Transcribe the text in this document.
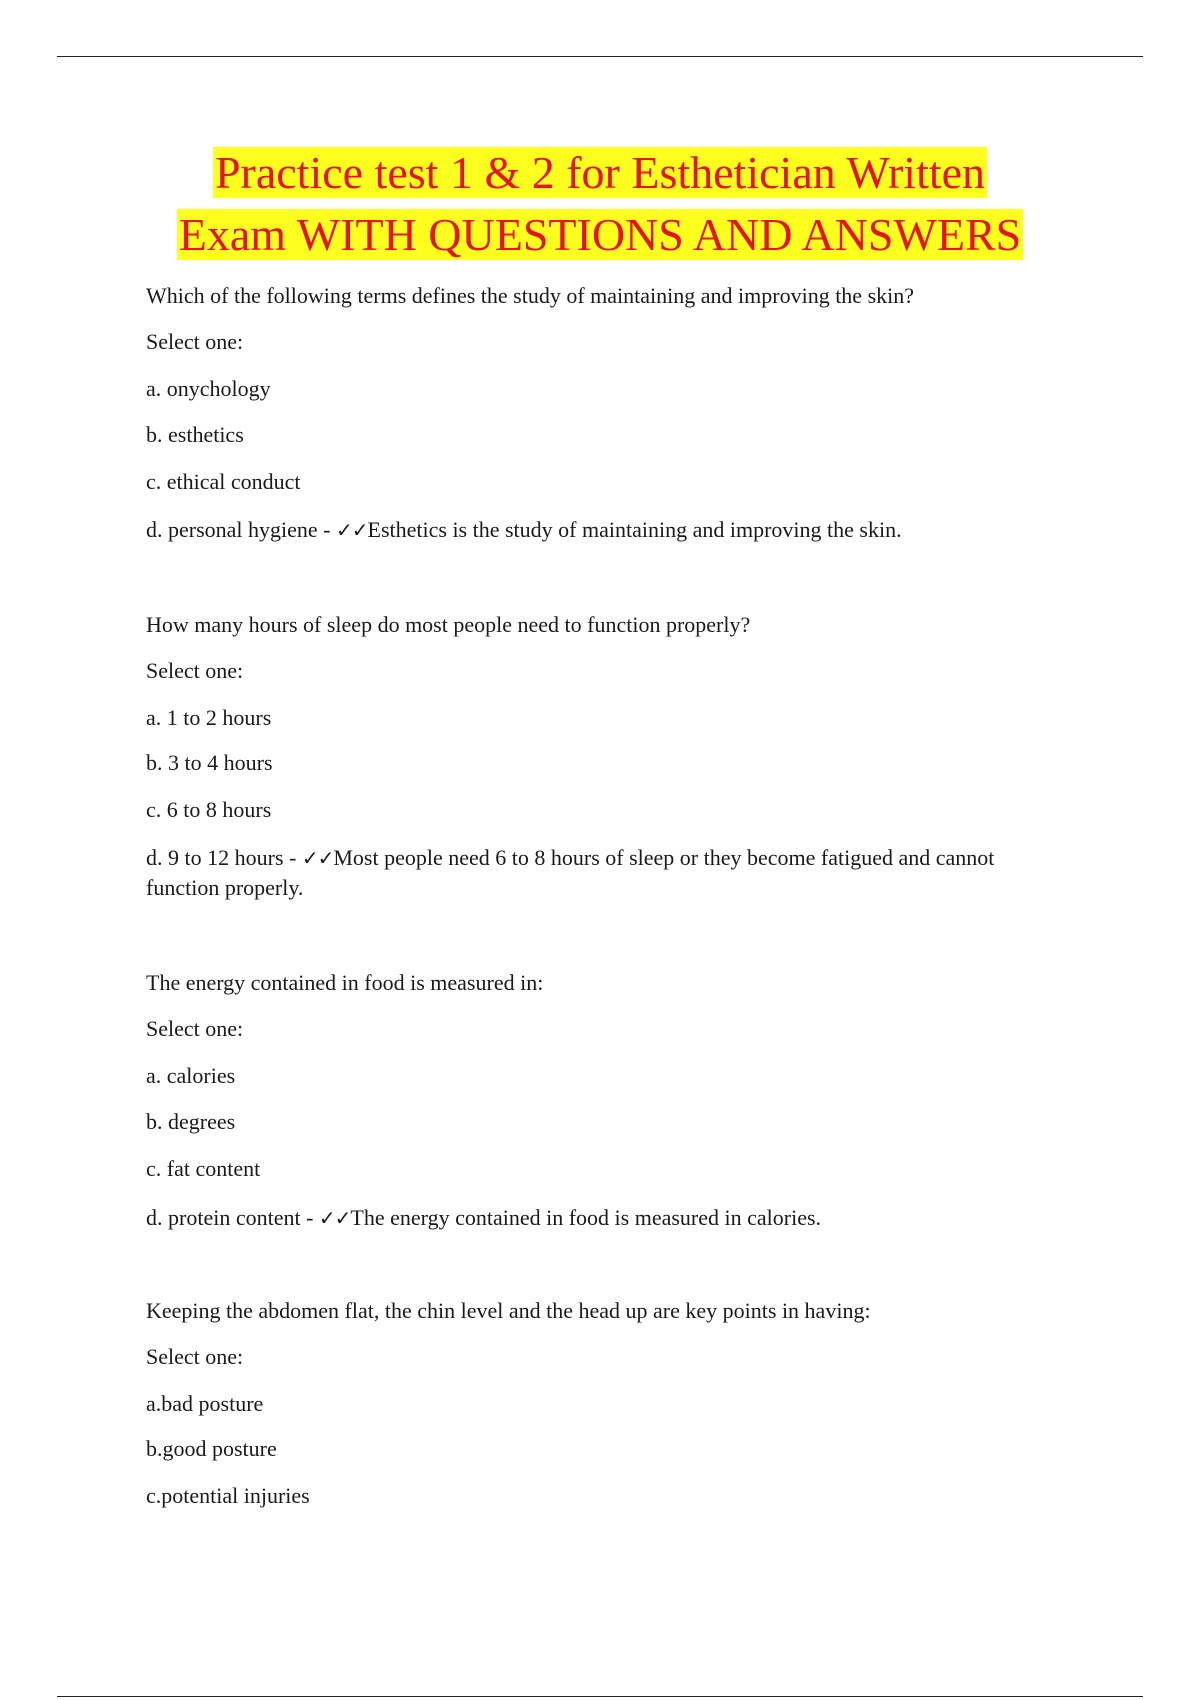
Practice test 1 & 2 for Esthetician Written
Exam WITH QUESTIONS AND ANSWERS
Which of the following terms defines the study of maintaining and improving the skin?
Select one:
a. onychology
b. esthetics
c. ethical conduct
d. personal hygiene - ✓✓Esthetics is the study of maintaining and improving the skin.
How many hours of sleep do most people need to function properly?
Select one:
a. 1 to 2 hours
b. 3 to 4 hours
c. 6 to 8 hours
d. 9 to 12 hours - ✓✓Most people need 6 to 8 hours of sleep or they become fatigued and cannot function properly.
The energy contained in food is measured in:
Select one:
a. calories
b. degrees
c. fat content
d. protein content - ✓✓The energy contained in food is measured in calories.
Keeping the abdomen flat, the chin level and the head up are key points in having:
Select one:
a.bad posture
b.good posture
c.potential injuries
